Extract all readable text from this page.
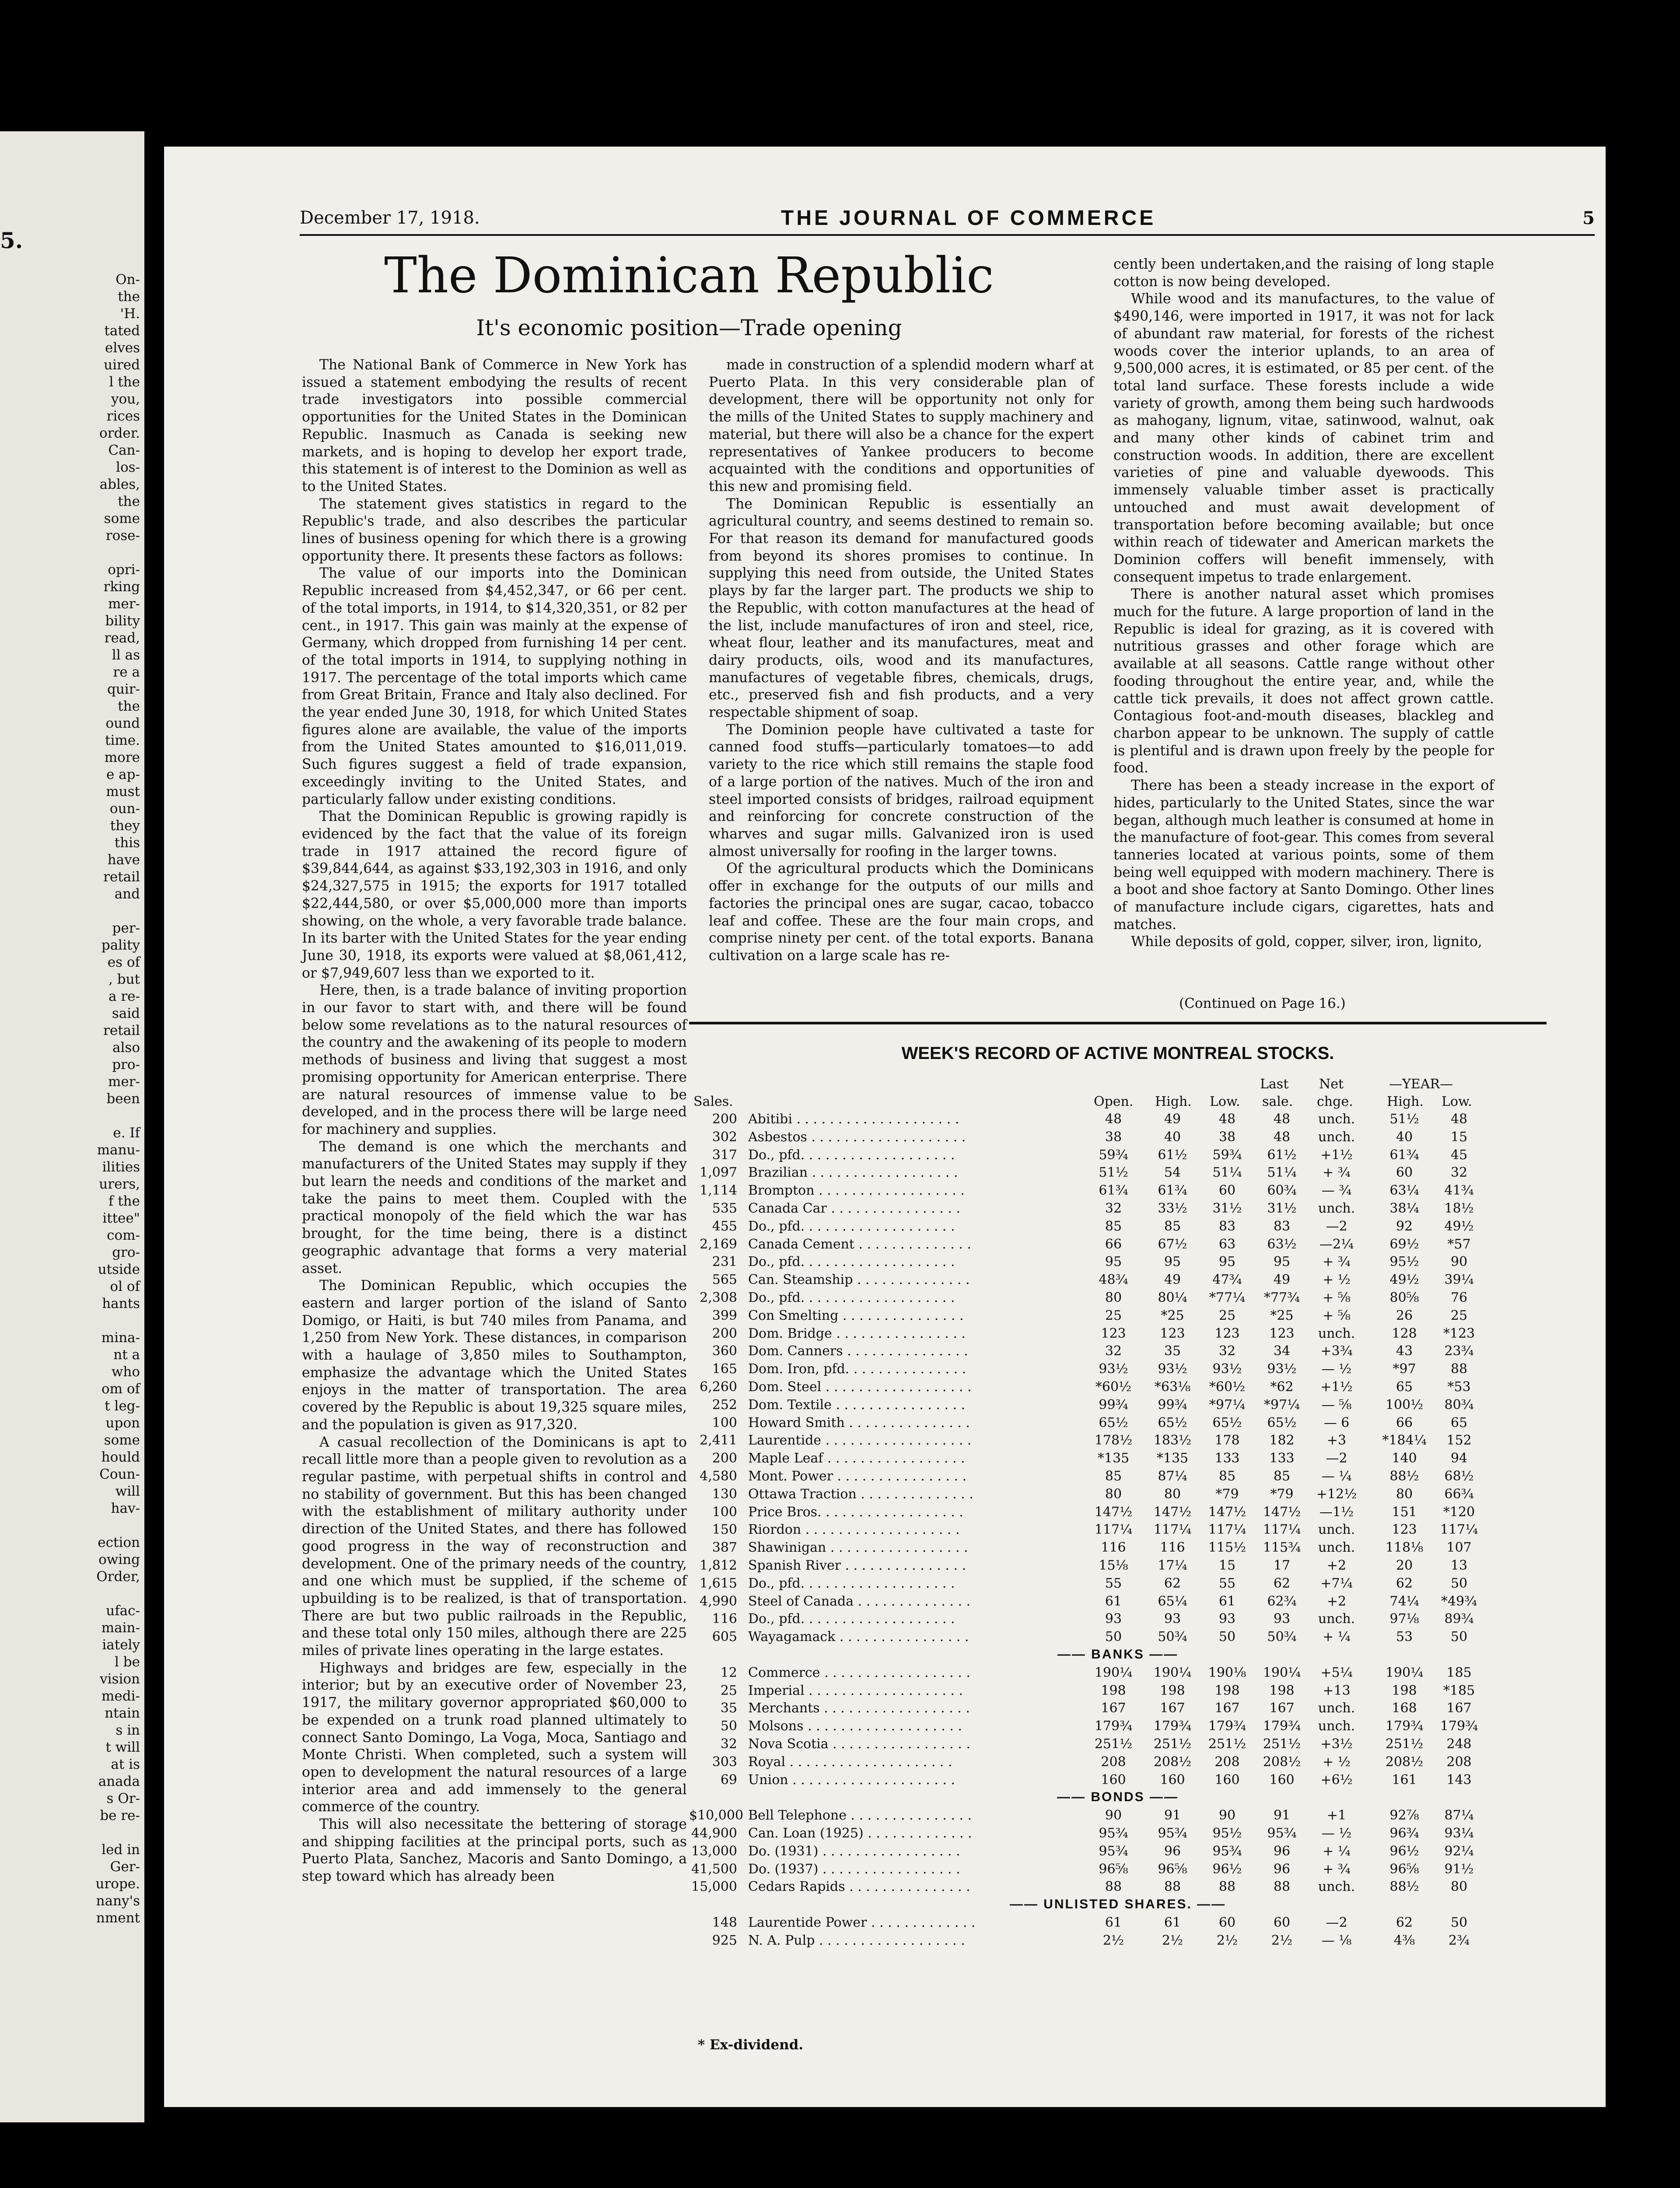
5.
On-
the
'H.
tated
elves
uired
l the
you,
rices
order.
Can-
los-
ables,
the
some
rose-
opri-
rking
mer-
bility
read,
ll as
re a
quir-
the
ound
time.
more
e ap-
must
oun-
they
this
have
retail
and
per-
pality
es of
, but
a re-
said
retail
also
pro-
mer-
been
e. If
manu-
ilities
urers,
f the
ittee"
com-
gro-
utside
ol of
hants
mina-
nt a
who
om of
t leg-
upon
some
hould
Coun-
will
hav-
ection
owing
Order,
ufac-
main-
iately
l be
vision
medi-
ntain
s in
t will
at is
anada
s Or-
be re-
led in
Ger-
urope.
nany's
nment
December 17, 1918.	THE JOURNAL OF COMMERCE	5
The Dominican Republic
It's economic position—Trade opening

The National Bank of Commerce in New York has issued a statement embodying the results of recent trade investigators into possible commercial opportunities for the United States in the Dominican Republic. Inasmuch as Canada is seeking new markets, and is hoping to develop her export trade, this statement is of interest to the Dominion as well as to the United States.

The statement gives statistics in regard to the Republic's trade, and also describes the particular lines of business opening for which there is a growing opportunity there. It presents these factors as follows:

The value of our imports into the Dominican Republic increased from $4,452,347, or 66 per cent. of the total imports, in 1914, to $14,320,351, or 82 per cent., in 1917. This gain was mainly at the expense of Germany, which dropped from furnishing 14 per cent. of the total imports in 1914, to supplying nothing in 1917. The percentage of the total imports which came from Great Britain, France and Italy also declined. For the year ended June 30, 1918, for which United States figures alone are available, the value of the imports from the United States amounted to $16,011,019. Such figures suggest a field of trade expansion, exceedingly inviting to the United States, and particularly fallow under existing conditions.

That the Dominican Republic is growing rapidly is evidenced by the fact that the value of its foreign trade in 1917 attained the record figure of $39,844,644, as against $33,192,303 in 1916, and only $24,327,575 in 1915; the exports for 1917 totalled $22,444,580, or over $5,000,000 more than imports showing, on the whole, a very favorable trade balance. In its barter with the United States for the year ending June 30, 1918, its exports were valued at $8,061,412, or $7,949,607 less than we exported to it.

Here, then, is a trade balance of inviting proportion in our favor to start with, and there will be found below some revelations as to the natural resources of the country and the awakening of its people to modern methods of business and living that suggest a most promising opportunity for American enterprise. There are natural resources of immense value to be developed, and in the process there will be large need for machinery and supplies.

The demand is one which the merchants and manufacturers of the United States may supply if they but learn the needs and conditions of the market and take the pains to meet them. Coupled with the practical monopoly of the field which the war has brought, for the time being, there is a distinct geographic advantage that forms a very material asset.

The Dominican Republic, which occupies the eastern and larger portion of the island of Santo Domigo, or Haiti, is but 740 miles from Panama, and 1,250 from New York. These distances, in comparison with a haulage of 3,850 miles to Southampton, emphasize the advantage which the United States enjoys in the matter of transportation. The area covered by the Republic is about 19,325 square miles, and the population is given as 917,320.

A casual recollection of the Dominicans is apt to recall little more than a people given to revolution as a regular pastime, with perpetual shifts in control and no stability of government. But this has been changed with the establishment of military authority under direction of the United States, and there has followed good progress in the way of reconstruction and development. One of the primary needs of the country, and one which must be supplied, if the scheme of upbuilding is to be realized, is that of transportation. There are but two public railroads in the Republic, and these total only 150 miles, although there are 225 miles of private lines operating in the large estates.

Highways and bridges are few, especially in the interior; but by an executive order of November 23, 1917, the military governor appropriated $60,000 to be expended on a trunk road planned ultimately to connect Santo Domingo, La Voga, Moca, Santiago and Monte Christi. When completed, such a system will open to development the natural resources of a large interior area and add immensely to the general commerce of the country.

This will also necessitate the bettering of storage and shipping facilities at the principal ports, such as Puerto Plata, Sanchez, Macoris and Santo Domingo, a step toward which has already been

made in construction of a splendid modern wharf at Puerto Plata. In this very considerable plan of development, there will be opportunity not only for the mills of the United States to supply machinery and material, but there will also be a chance for the expert representatives of Yankee producers to become acquainted with the conditions and opportunities of this new and promising field.

The Dominican Republic is essentially an agricultural country, and seems destined to remain so. For that reason its demand for manufactured goods from beyond its shores promises to continue. In supplying this need from outside, the United States plays by far the larger part. The products we ship to the Republic, with cotton manufactures at the head of the list, include manufactures of iron and steel, rice, wheat flour, leather and its manufactures, meat and dairy products, oils, wood and its manufactures, manufactures of vegetable fibres, chemicals, drugs, etc., preserved fish and fish products, and a very respectable shipment of soap.

The Dominion people have cultivated a taste for canned food stuffs—particularly tomatoes—to add variety to the rice which still remains the staple food of a large portion of the natives. Much of the iron and steel imported consists of bridges, railroad equipment and reinforcing for concrete construction of the wharves and sugar mills. Galvanized iron is used almost universally for roofing in the larger towns.

Of the agricultural products which the Dominicans offer in exchange for the outputs of our mills and factories the principal ones are sugar, cacao, tobacco leaf and coffee. These are the four main crops, and comprise ninety per cent. of the total exports. Banana cultivation on a large scale has re-

cently been undertaken,and the raising of long staple cotton is now being developed.

While wood and its manufactures, to the value of $490,146, were imported in 1917, it was not for lack of abundant raw material, for forests of the richest woods cover the interior uplands, to an area of 9,500,000 acres, it is estimated, or 85 per cent. of the total land surface. These forests include a wide variety of growth, among them being such hardwoods as mahogany, lignum, vitae, satinwood, walnut, oak and many other kinds of cabinet trim and construction woods. In addition, there are excellent varieties of pine and valuable dyewoods. This immensely valuable timber asset is practically untouched and must await development of transportation before becoming available; but once within reach of tidewater and American markets the Dominion coffers will benefit immensely, with consequent impetus to trade enlargement.

There is another natural asset which promises much for the future. A large proportion of land in the Republic is ideal for grazing, as it is covered with nutritious grasses and other forage which are available at all seasons. Cattle range without other fooding throughout the entire year, and, while the cattle tick prevails, it does not affect grown cattle. Contagious foot-and-mouth diseases, blackleg and charbon appear to be unknown. The supply of cattle is plentiful and is drawn upon freely by the people for food.

There has been a steady increase in the export of hides, particularly to the United States, since the war began, although much leather is consumed at home in the manufacture of foot-gear. This comes from several tanneries located at various points, some of them being well equipped with modern machinery. There is a boot and shoe factory at Santo Domingo. Other lines of manufacture include cigars, cigarettes, hats and matches.

While deposits of gold, copper, silver, iron, lignito,

(Continued on Page 16.)
WEEK'S RECORD OF ACTIVE MONTREAL STOCKS.
—YEAR—
Last Net
Sales.	Open. High. Low. sale. chge.	High. Low.
200 Abitibi . . . . . . . . . . . . . . . . . . . .	48	49	48	48	unch.	51½	48
302 Asbestos . . . . . . . . . . . . . . . . . . .	38	40	38	48	unch.	40	15
317 Do., pfd. . . . . . . . . . . . . . . . . . .	59¾	61½	59¾	61½	+1½	61¾	45
1,097 Brazilian . . . . . . . . . . . . . . . . . .	51½	54	51¼	51¼	+ ¾	60	32
1,114 Brompton . . . . . . . . . . . . . . . . . .	61¾	61¾	60	60¾	— ¾	63¼	41¾
535 Canada Car . . . . . . . . . . . . . . . .	32	33½	31½	31½	unch.	38¼	18½
455 Do., pfd. . . . . . . . . . . . . . . . . . .	85	85	83	83	—2	92	49½
2,169 Canada Cement . . . . . . . . . . . . . .	66	67½	63	63½	—2¼	69½	*57
231 Do., pfd. . . . . . . . . . . . . . . . . . .	95	95	95	95	+ ¾	95½	90
565 Can. Steamship . . . . . . . . . . . . . .	48¾	49	47¾	49	+ ½	49½	39¼
2,308 Do., pfd. . . . . . . . . . . . . . . . . . .	80	80¼	*77¼	*77¾	+ ⅝	80⅝	76
399 Con Smelting . . . . . . . . . . . . . . .	25	*25	25	*25	+ ⅝	26	25
200 Dom. Bridge . . . . . . . . . . . . . . . .	123	123	123	123	unch.	128	*123
360 Dom. Canners . . . . . . . . . . . . . . .	32	35	32	34	+3¾	43	23¾
165 Dom. Iron, pfd. . . . . . . . . . . . . . .	93½	93½	93½	93½	— ½	*97	88
6,260 Dom. Steel . . . . . . . . . . . . . . . . . .	*60½	*63⅛	*60½	*62	+1½	65	*53
252 Dom. Textile . . . . . . . . . . . . . . . .	99¾	99¾	*97¼	*97¼	— ⅝	100½	80¾
100 Howard Smith . . . . . . . . . . . . . . .	65½	65½	65½	65½	— 6	66	65
2,411 Laurentide . . . . . . . . . . . . . . . . . .	178½	183½	178	182	+3	*184¼	152
200 Maple Leaf . . . . . . . . . . . . . . . . .	*135	*135	133	133	—2	140	94
4,580 Mont. Power . . . . . . . . . . . . . . . .	85	87¼	85	85	— ¼	88½	68½
130 Ottawa Traction . . . . . . . . . . . . . .	80	80	*79	*79	+12½	80	66¾
100 Price Bros. . . . . . . . . . . . . . . . . .	147½	147½	147½	147½	—1½	151	*120
150 Riordon . . . . . . . . . . . . . . . . . . .	117¼	117¼	117¼	117¼	unch.	123	117¼
387 Shawinigan . . . . . . . . . . . . . . . . .	116	116	115½	115¾	unch.	118⅛	107
1,812 Spanish River . . . . . . . . . . . . . . .	15⅛	17¼	15	17	+2	20	13
1,615 Do., pfd. . . . . . . . . . . . . . . . . . .	55	62	55	62	+7¼	62	50
4,990 Steel of Canada . . . . . . . . . . . . . .	61	65¼	61	62¾	+2	74¼	*49¾
116 Do., pfd. . . . . . . . . . . . . . . . . . .	93	93	93	93	unch.	97⅛	89¾
605 Wayagamack . . . . . . . . . . . . . . . .	50	50¾	50	50¾	+ ¼	53	50
—— BANKS ——
12 Commerce . . . . . . . . . . . . . . . . . .	190¼	190¼	190⅛	190¼	+5¼	190¼	185
25 Imperial . . . . . . . . . . . . . . . . . . .	198	198	198	198	+13	198	*185
35 Merchants . . . . . . . . . . . . . . . . . .	167	167	167	167	unch.	168	167
50 Molsons . . . . . . . . . . . . . . . . . . .	179¾	179¾	179¾	179¾	unch.	179¾	179¾
32 Nova Scotia . . . . . . . . . . . . . . . . .	251½	251½	251½	251½	+3½	251½	248
303 Royal . . . . . . . . . . . . . . . . . . . .	208	208½	208	208½	+ ½	208½	208
69 Union . . . . . . . . . . . . . . . . . . . .	160	160	160	160	+6½	161	143
—— BONDS ——
$10,000 Bell Telephone . . . . . . . . . . . . . . .	90	91	90	91	+1	92⅞	87¼
44,900 Can. Loan (1925) . . . . . . . . . . . . .	95¾	95¾	95½	95¾	— ½	96¾	93¼
13,000 Do. (1931) . . . . . . . . . . . . . . . . .	95¾	96	95¾	96	+ ¼	96½	92¼
41,500 Do. (1937) . . . . . . . . . . . . . . . . .	96⅝	96⅝	96½	96	+ ¾	96⅝	91½
15,000 Cedars Rapids . . . . . . . . . . . . . . .	88	88	88	88	unch.	88½	80
—— UNLISTED SHARES. ——
148 Laurentide Power . . . . . . . . . . . . .	61	61	60	60	—2	62	50
925 N. A. Pulp . . . . . . . . . . . . . . . . . .	2½	2½	2½	2½	— ⅛	4⅜	2¾
* Ex-dividend.
